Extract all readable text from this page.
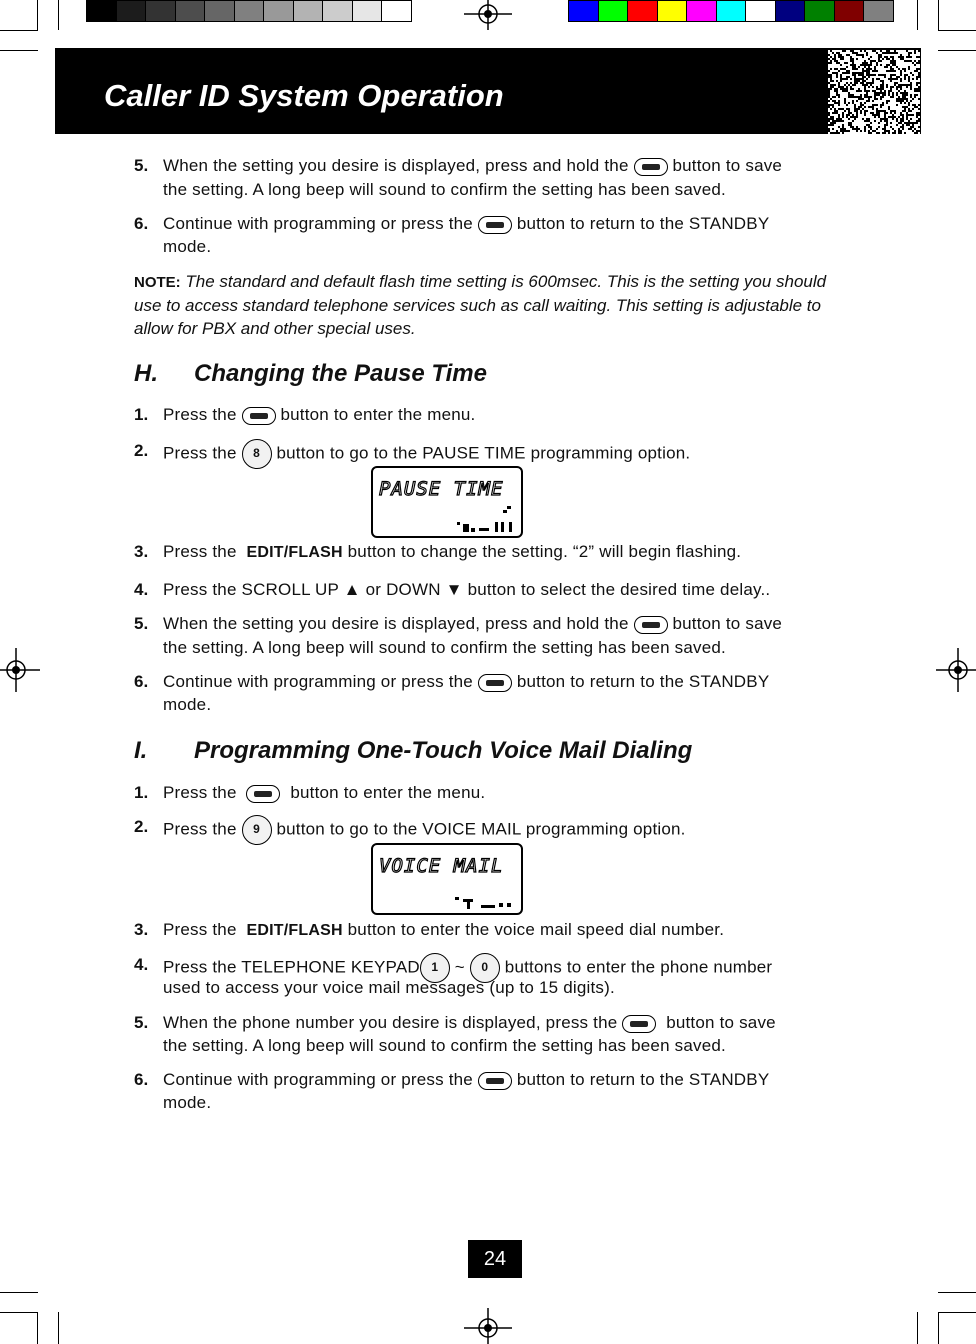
Caller ID System Operation
5. When the setting you desire is displayed, press and hold the	button to save
the setting. A long beep will sound to confirm the setting has been saved.
6. Continue with programming or press the	button to return to the STANDBY
mode.
NOTE: The standard and default flash time setting is 600msec. This is the setting you should use to access standard telephone services such as call waiting. This setting is adjustable to allow for PBX and other special uses.
H. Changing the Pause Time
1. Press the	button to enter the menu.
2. Press the 8 button to go to the PAUSE TIME programming option.
PAUSE TIME
3. Press the EDIT/FLASH button to change the setting. “2” will begin flashing.
4. Press the SCROLL UP ▲ or DOWN ▼ button to select the desired time delay..
5. When the setting you desire is displayed, press and hold the	button to save
the setting. A long beep will sound to confirm the setting has been saved.
6. Continue with programming or press the	button to return to the STANDBY
mode.
I. Programming One-Touch Voice Mail Dialing
1. Press the	button to enter the menu.
2. Press the 9 button to go to the VOICE MAIL programming option.
VOICE MAIL
3. Press the EDIT/FLASH button to enter the voice mail speed dial number.
4. Press the TELEPHONE KEYPAD 1 ~ 0 buttons to enter the phone number
used to access your voice mail messages (up to 15 digits).
5. When the phone number you desire is displayed, press the	button to save
the setting. A long beep will sound to confirm the setting has been saved.
6. Continue with programming or press the	button to return to the STANDBY
mode.
24
